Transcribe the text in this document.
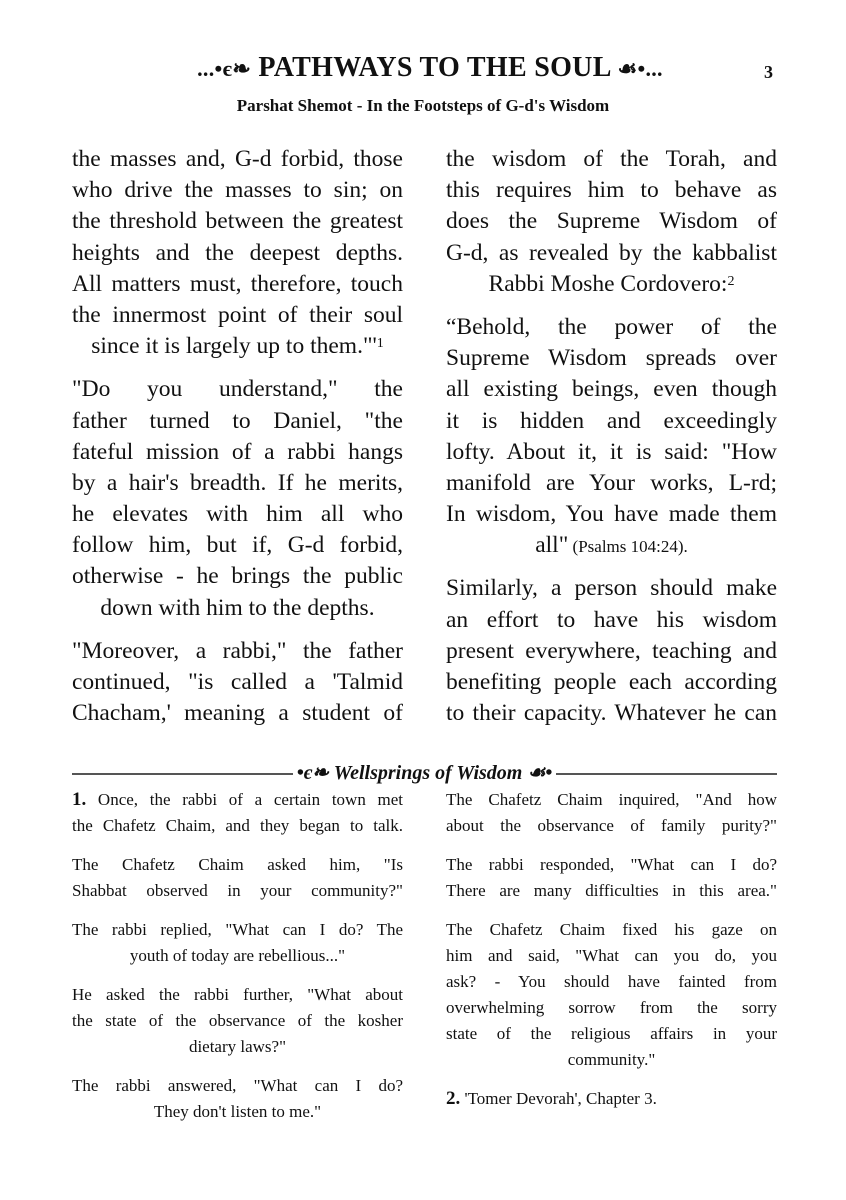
...•є❧ PATHWAYS TO THE SOUL ☙•...	3
Parshat Shemot - In the Footsteps of G-d's Wisdom
the masses and, G-d forbid, those
who drive the masses to sin; on
the threshold between the greatest
heights and the deepest depths.
All matters must, therefore, touch
the innermost point of their soul
since it is largely up to $them."'^1$
"Do you understand," the
father turned to Daniel, "the
fateful mission of a rabbi hangs
by a hair's breadth. If he merits,
he elevates with him all who
follow him, but if, G-d forbid,
otherwise - he brings the public
down with him to the depths.
"Moreover, a rabbi," the father
continued, "is called a 'Talmid
Chacham,' meaning a student of
the wisdom of the Torah, and
this requires him to behave as
does the Supreme Wisdom of
G-d, as revealed by the kabbalist
Rabbi Moshe Cordovero:$^2$
“Behold, the power of the
Supreme Wisdom spreads over
all existing beings, even though
it is hidden and exceedingly
lofty. About it, it is said: "How
manifold are Your works, L-rd;
In wisdom, You have made them
all" (Psalms 104:24).
Similarly, a person should make
an effort to have his wisdom
present everywhere, teaching and
benefiting people each according
to their capacity. Whatever he can
•є❧ Wellsprings of Wisdom ☙•
1. Once, the rabbi of a certain town met
the Chafetz Chaim, and they began to talk.
The Chafetz Chaim asked him, "Is
Shabbat observed in your community?"
The rabbi replied, "What can I do? The
youth of today are rebellious..."
He asked the rabbi further, "What about
the state of the observance of the kosher
dietary laws?"
The rabbi answered, "What can I do?
They don't listen to me."
The Chafetz Chaim inquired, "And how
about the observance of family purity?"
The rabbi responded, "What can I do?
There are many difficulties in this area."
The Chafetz Chaim fixed his gaze on
him and said, "What can you do, you
ask? - You should have fainted from
overwhelming sorrow from the sorry
state of the religious affairs in your
community."
2. 'Tomer Devorah', Chapter 3.
